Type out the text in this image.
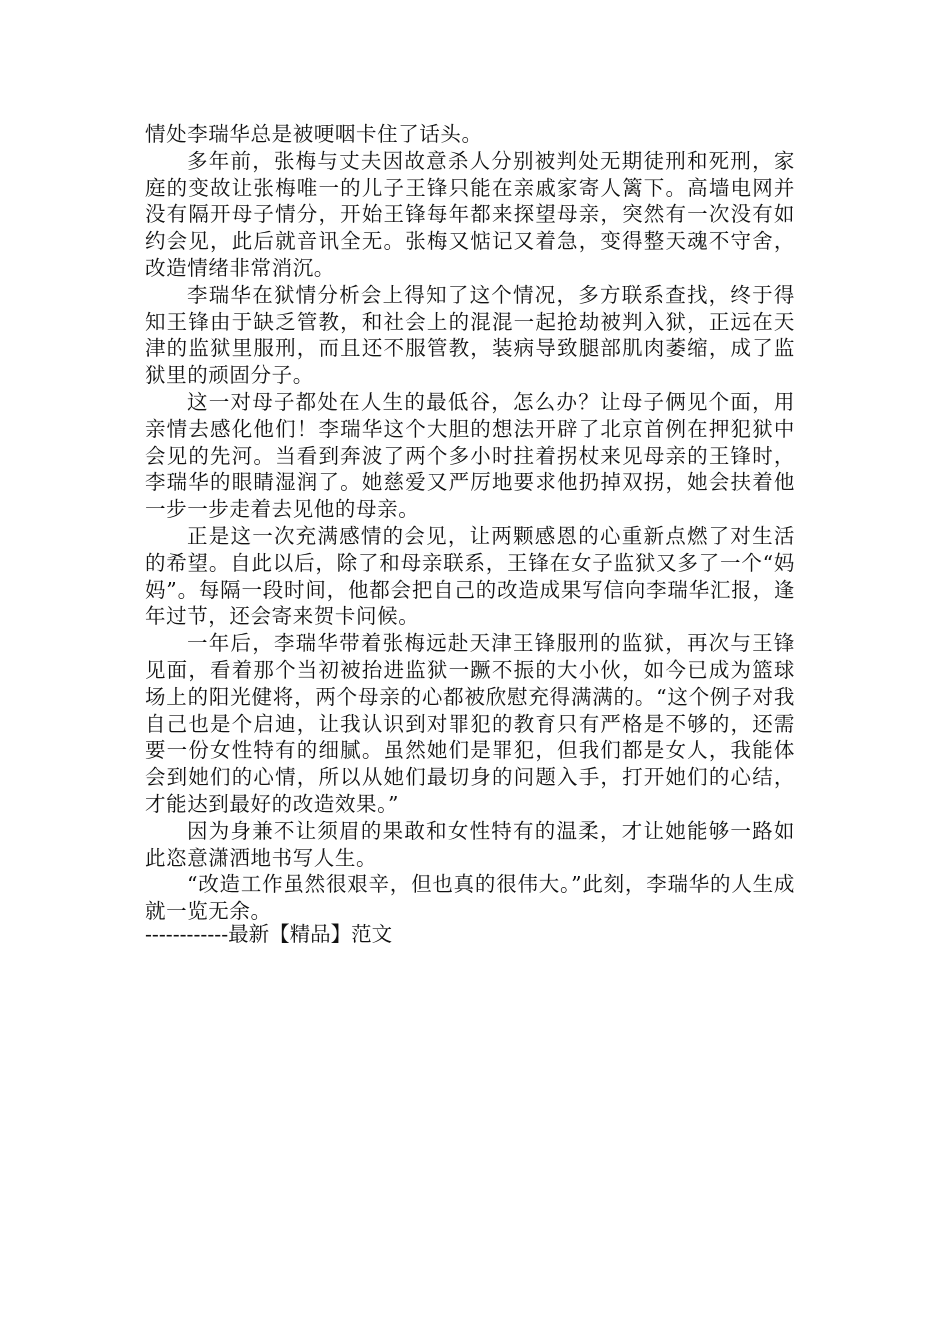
情处李瑞华总是被哽咽卡住了话头。

多年前，张梅与丈夫因故意杀人分别被判处无期徒刑和死刑，家庭的变故让张梅唯一的儿子王锋只能在亲戚家寄人篱下。高墙电网并没有隔开母子情分，开始王锋每年都来探望母亲，突然有一次没有如约会见，此后就音讯全无。张梅又惦记又着急，变得整天魂不守舍，改造情绪非常消沉。

李瑞华在狱情分析会上得知了这个情况，多方联系查找，终于得知王锋由于缺乏管教，和社会上的混混一起抢劫被判入狱，正远在天津的监狱里服刑，而且还不服管教，装病导致腿部肌肉萎缩，成了监狱里的顽固分子。

这一对母子都处在人生的最低谷，怎么办？让母子俩见个面，用亲情去感化他们！李瑞华这个大胆的想法开辟了北京首例在押犯狱中会见的先河。当看到奔波了两个多小时拄着拐杖来见母亲的王锋时，李瑞华的眼睛湿润了。她慈爱又严厉地要求他扔掉双拐，她会扶着他一步一步走着去见他的母亲。

正是这一次充满感情的会见，让两颗感恩的心重新点燃了对生活的希望。自此以后，除了和母亲联系，王锋在女子监狱又多了一个“妈妈”。每隔一段时间，他都会把自己的改造成果写信向李瑞华汇报，逢年过节，还会寄来贺卡问候。

一年后，李瑞华带着张梅远赴天津王锋服刑的监狱，再次与王锋见面，看着那个当初被抬进监狱一蹶不振的大小伙，如今已成为篮球场上的阳光健将，两个母亲的心都被欣慰充得满满的。“这个例子对我自己也是个启迪，让我认识到对罪犯的教育只有严格是不够的，还需要一份女性特有的细腻。虽然她们是罪犯，但我们都是女人，我能体会到她们的心情，所以从她们最切身的问题入手，打开她们的心结，才能达到最好的改造效果。”

因为身兼不让须眉的果敢和女性特有的温柔，才让她能够一路如此恣意潇洒地书写人生。

“改造工作虽然很艰辛，但也真的很伟大。”此刻，李瑞华的人生成就一览无余。

------------最新【精品】范文
